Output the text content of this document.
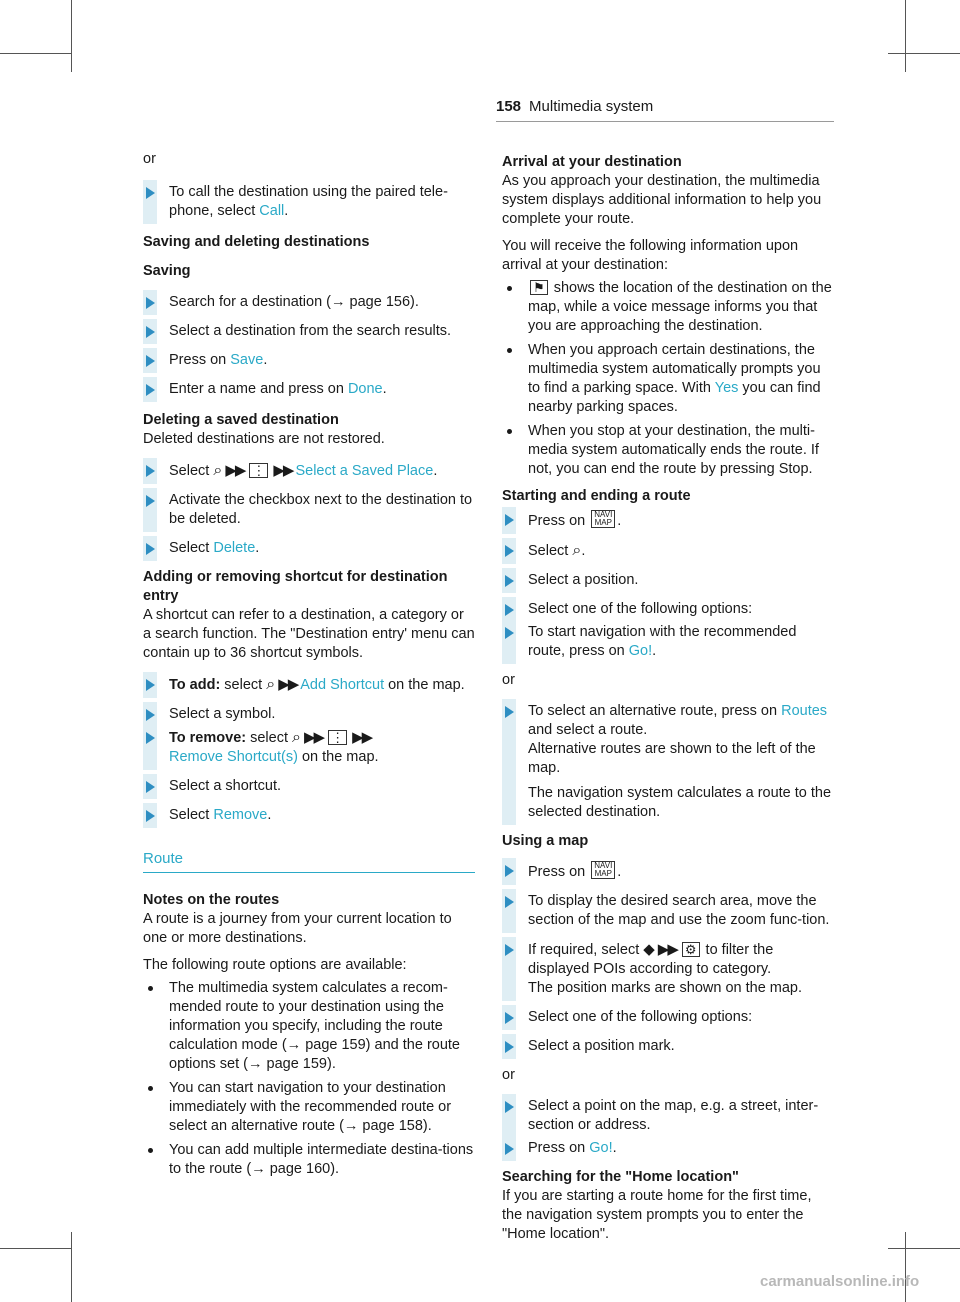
158 Multimedia system

or

To call the destination using the paired tele-phone, select Call.
Saving and deleting destinations
Saving
Search for a destination (→ page 156).
Select a destination from the search results.
Press on Save.
Enter a name and press on Done.
Deleting a saved destination

Deleted destinations are not restored.

Select ⌕ ▶▶ ⋮ ▶▶ Select a Saved Place.
Activate the checkbox next to the destination to be deleted.
Select Delete.
Adding or removing shortcut for destination entry

A shortcut can refer to a destination, a category or a search function. The "Destination entry' menu can contain up to 36 shortcut symbols.

To add: select ⌕ ▶▶ Add Shortcut on the map.
Select a symbol.
To remove: select ⌕ ▶▶ ⋮ ▶▶
Remove Shortcut(s) on the map.
Select a shortcut.
Select Remove.
Route
Notes on the routes

A route is a journey from your current location to one or more destinations.

The following route options are available:

The multimedia system calculates a recom-mended route to your destination using the information you specify, including the route calculation mode (→ page 159) and the route options set (→ page 159).
You can start navigation to your destination immediately with the recommended route or select an alternative route (→ page 158).
You can add multiple intermediate destina-tions to the route (→ page 160).
Arrival at your destination

As you approach your destination, the multimedia system displays additional information to help you complete your route.

You will receive the following information upon arrival at your destination:

⚑ shows the location of the destination on the map, while a voice message informs you that you are approaching the destination.
When you approach certain destinations, the multimedia system automatically prompts you to find a parking space. With Yes you can find nearby parking spaces.
When you stop at your destination, the multi-media system automatically ends the route. If not, you can end the route by pressing Stop.
Starting and ending a route
Press on NAVI MAP .
Select ⌕.
Select a position.
Select one of the following options:
To start navigation with the recommended route, press on Go!.

or

To select an alternative route, press on Routes and select a route.
Alternative routes are shown to the left of the map.

The navigation system calculates a route to the selected destination.
Using a map
Press on NAVI MAP .
To display the desired search area, move the section of the map and use the zoom func-tion.
If required, select ◆ ▶▶ ⚙ to filter the displayed POIs according to category.
The position marks are shown on the map.
Select one of the following options:
Select a position mark.

or

Select a point on the map, e.g. a street, inter-section or address.
Press on Go!.
Searching for the "Home location"

If you are starting a route home for the first time, the navigation system prompts you to enter the "Home location".

carmanualsonline.info
